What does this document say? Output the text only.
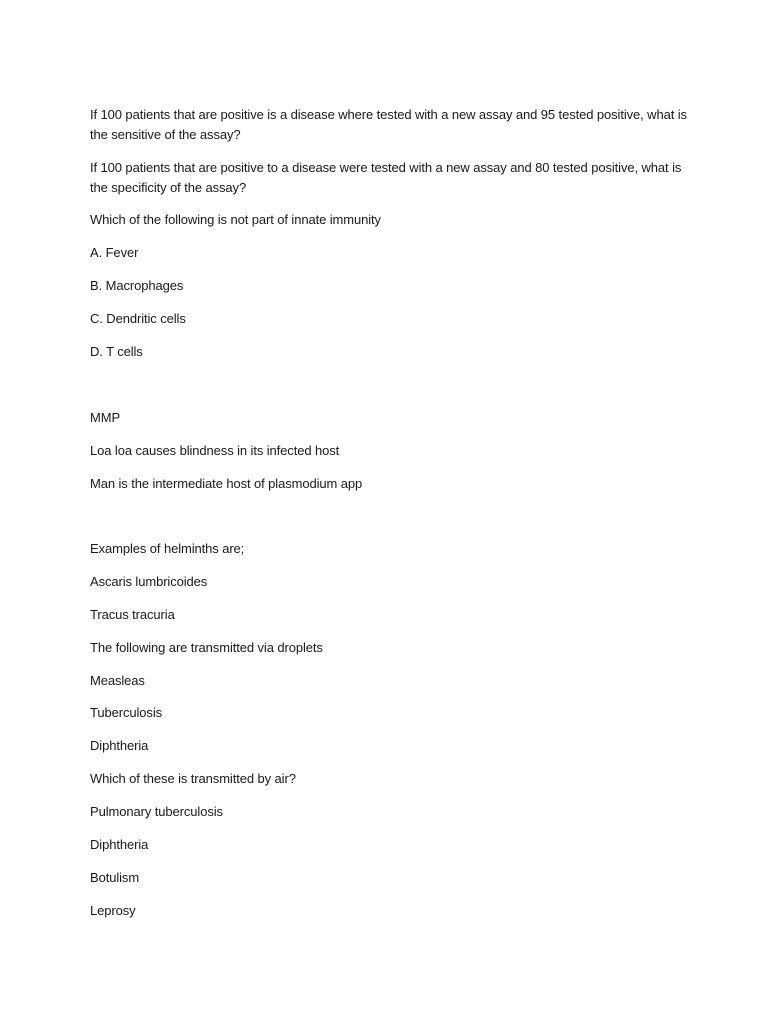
If 100 patients that are positive is a disease where tested with a new assay and 95 tested positive, what is the sensitive of the assay?

If 100 patients that are positive to a disease were tested with a new assay and 80 tested positive, what is the specificity of the assay?

Which of the following is not part of innate immunity

A. Fever

B. Macrophages

C. Dendritic cells

D. T cells

MMP

Loa loa causes blindness in its infected host

Man is the intermediate host of plasmodium app

Examples of helminths are;

Ascaris lumbricoides

Tracus tracuria

The following are transmitted via droplets

Measleas

Tuberculosis

Diphtheria

Which of these is transmitted by air?

Pulmonary tuberculosis

Diphtheria

Botulism

Leprosy
